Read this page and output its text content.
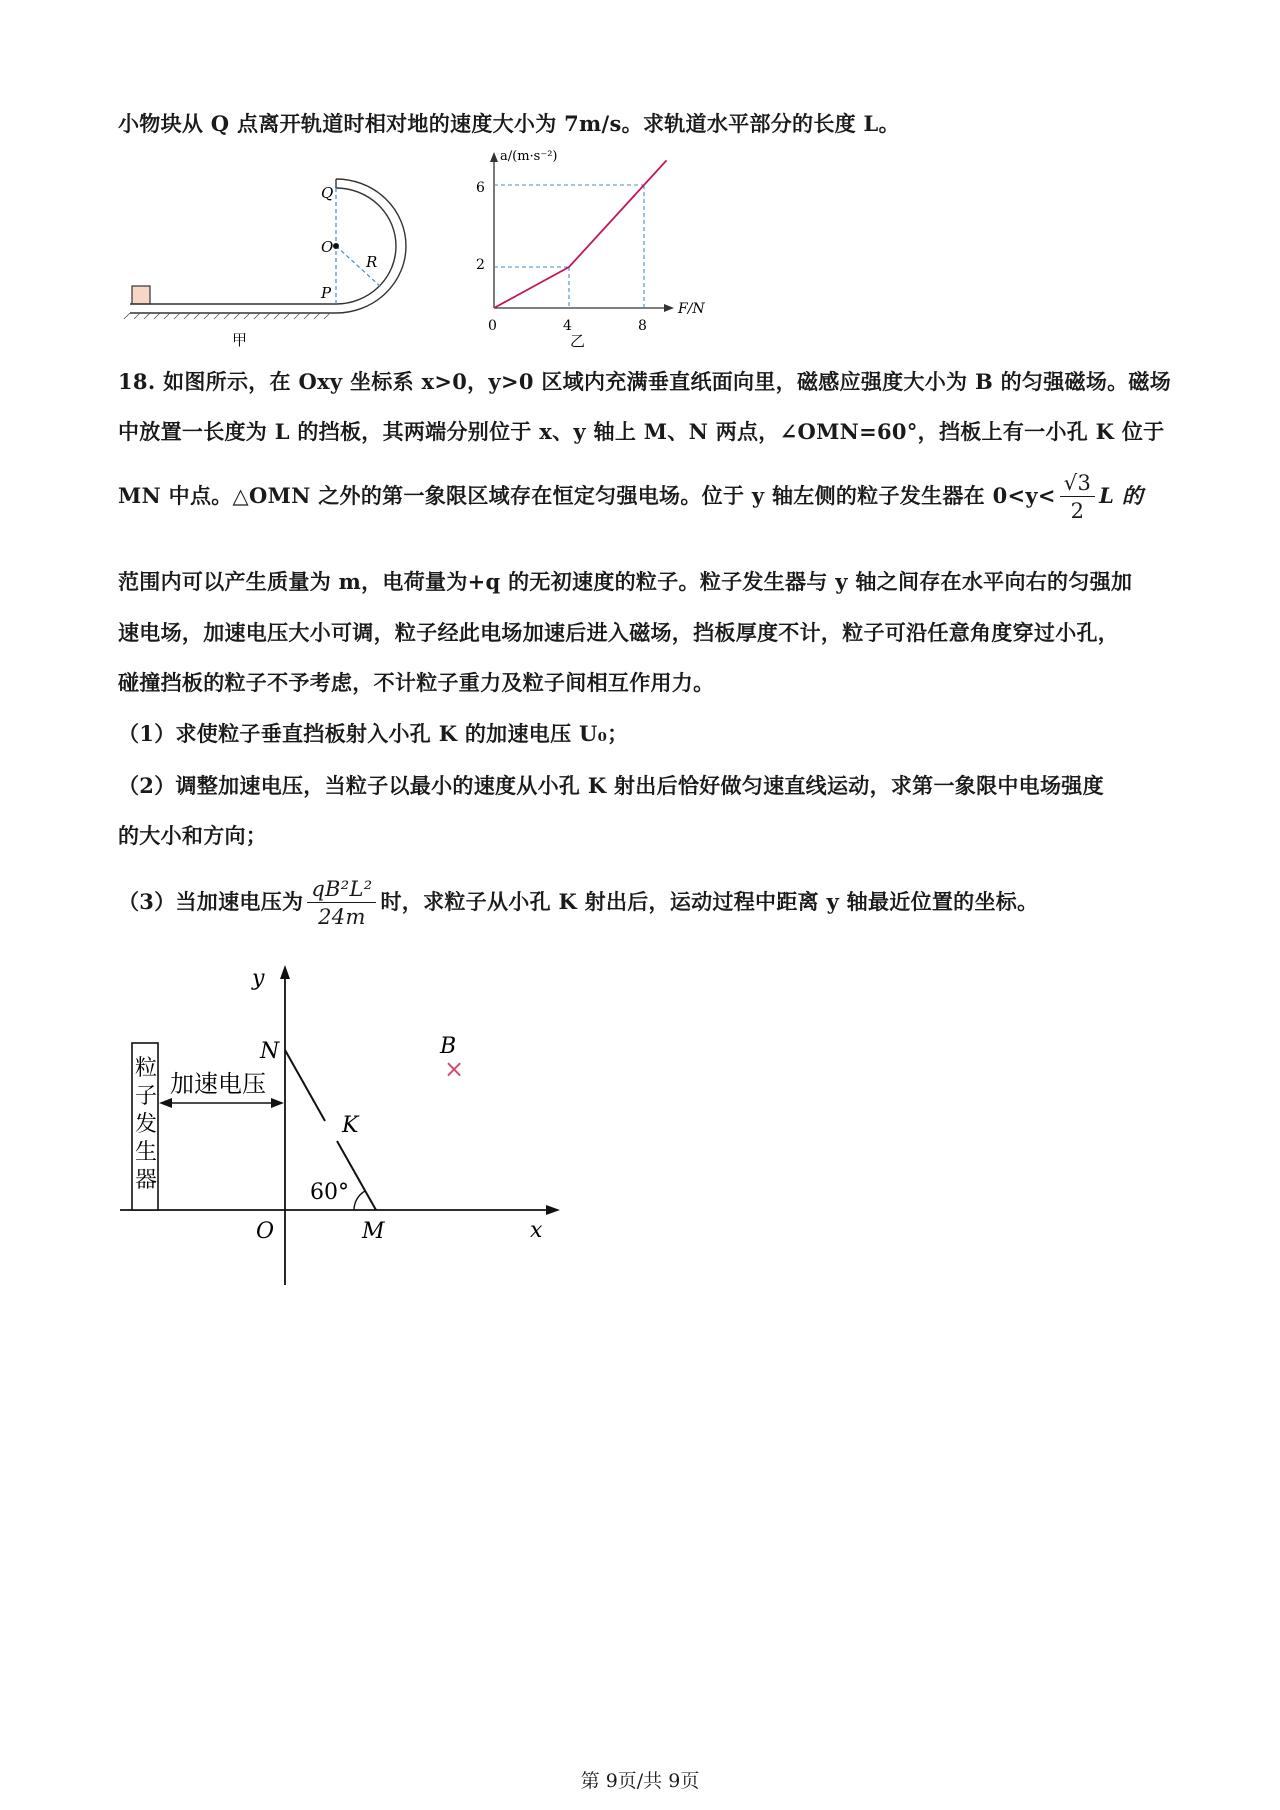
小物块从 Q 点离开轨道时相对地的速度大小为 7m/s。求轨道水平部分的长度 L。
Q
O
R
P
甲
a/(m·s⁻²)
F/N
6
2
0	4	8
乙
18. 如图所示，在 Oxy 坐标系 x>0，y>0 区域内充满垂直纸面向里，磁感应强度大小为 B 的匀强磁场。磁场
中放置一长度为 L 的挡板，其两端分别位于 x、y 轴上 M、N 两点，∠OMN=60°，挡板上有一小孔 K 位于
MN 中点。△OMN 之外的第一象限区域存在恒定匀强电场。位于 y 轴左侧的粒子发生器在 $0<y< \frac{√3}{2}$ L 的
范围内可以产生质量为 m，电荷量为+q 的无初速度的粒子。粒子发生器与 y 轴之间存在水平向右的匀强加
速电场，加速电压大小可调，粒子经此电场加速后进入磁场，挡板厚度不计，粒子可沿任意角度穿过小孔，
碰撞挡板的粒子不予考虑，不计粒子重力及粒子间相互作用力。
（1）求使粒子垂直挡板射入小孔 K 的加速电压 U₀；
（2）调整加速电压，当粒子以最小的速度从小孔 K 射出后恰好做匀速直线运动，求第一象限中电场强度
的大小和方向；
（3）当加速电压为 $\frac{\text{qB²L²}}{24m}$ 时，求粒子从小孔 K 射出后，运动过程中距离 y 轴最近位置的坐标。
y
x
O	M
N
K
B
×
60°
粒
子
发
生
器
加速电压
第 9页/共 9页
